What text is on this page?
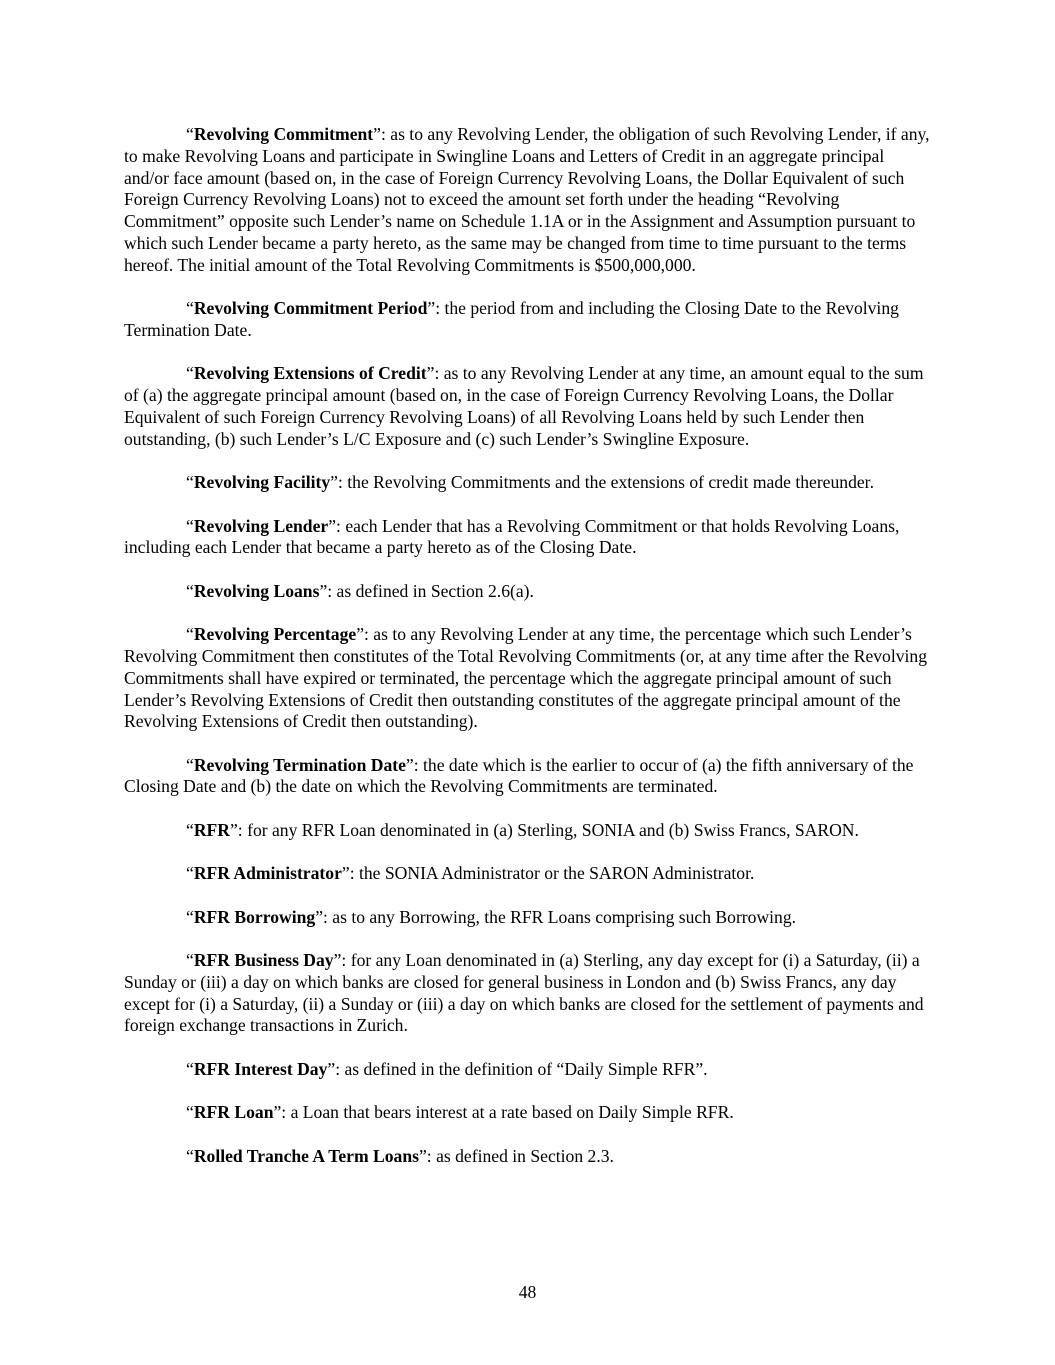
“Revolving Commitment”: as to any Revolving Lender, the obligation of such Revolving Lender, if any, to make Revolving Loans and participate in Swingline Loans and Letters of Credit in an aggregate principal and/or face amount (based on, in the case of Foreign Currency Revolving Loans, the Dollar Equivalent of such Foreign Currency Revolving Loans) not to exceed the amount set forth under the heading “Revolving Commitment” opposite such Lender’s name on Schedule 1.1A or in the Assignment and Assumption pursuant to which such Lender became a party hereto, as the same may be changed from time to time pursuant to the terms hereof. The initial amount of the Total Revolving Commitments is $500,000,000.

“Revolving Commitment Period”: the period from and including the Closing Date to the Revolving Termination Date.

“Revolving Extensions of Credit”: as to any Revolving Lender at any time, an amount equal to the sum of (a) the aggregate principal amount (based on, in the case of Foreign Currency Revolving Loans, the Dollar Equivalent of such Foreign Currency Revolving Loans) of all Revolving Loans held by such Lender then outstanding, (b) such Lender’s L/C Exposure and (c) such Lender’s Swingline Exposure.

“Revolving Facility”: the Revolving Commitments and the extensions of credit made thereunder.

“Revolving Lender”: each Lender that has a Revolving Commitment or that holds Revolving Loans, including each Lender that became a party hereto as of the Closing Date.

“Revolving Loans”: as defined in Section 2.6(a).

“Revolving Percentage”: as to any Revolving Lender at any time, the percentage which such Lender’s Revolving Commitment then constitutes of the Total Revolving Commitments (or, at any time after the Revolving Commitments shall have expired or terminated, the percentage which the aggregate principal amount of such Lender’s Revolving Extensions of Credit then outstanding constitutes of the aggregate principal amount of the Revolving Extensions of Credit then outstanding).

“Revolving Termination Date”: the date which is the earlier to occur of (a) the fifth anniversary of the Closing Date and (b) the date on which the Revolving Commitments are terminated.

“RFR”: for any RFR Loan denominated in (a) Sterling, SONIA and (b) Swiss Francs, SARON.

“RFR Administrator”: the SONIA Administrator or the SARON Administrator.

“RFR Borrowing”: as to any Borrowing, the RFR Loans comprising such Borrowing.

“RFR Business Day”: for any Loan denominated in (a) Sterling, any day except for (i) a Saturday, (ii) a Sunday or (iii) a day on which banks are closed for general business in London and (b) Swiss Francs, any day except for (i) a Saturday, (ii) a Sunday or (iii) a day on which banks are closed for the settlement of payments and foreign exchange transactions in Zurich.

“RFR Interest Day”: as defined in the definition of “Daily Simple RFR”.

“RFR Loan”: a Loan that bears interest at a rate based on Daily Simple RFR.

“Rolled Tranche A Term Loans”: as defined in Section 2.3.

48
